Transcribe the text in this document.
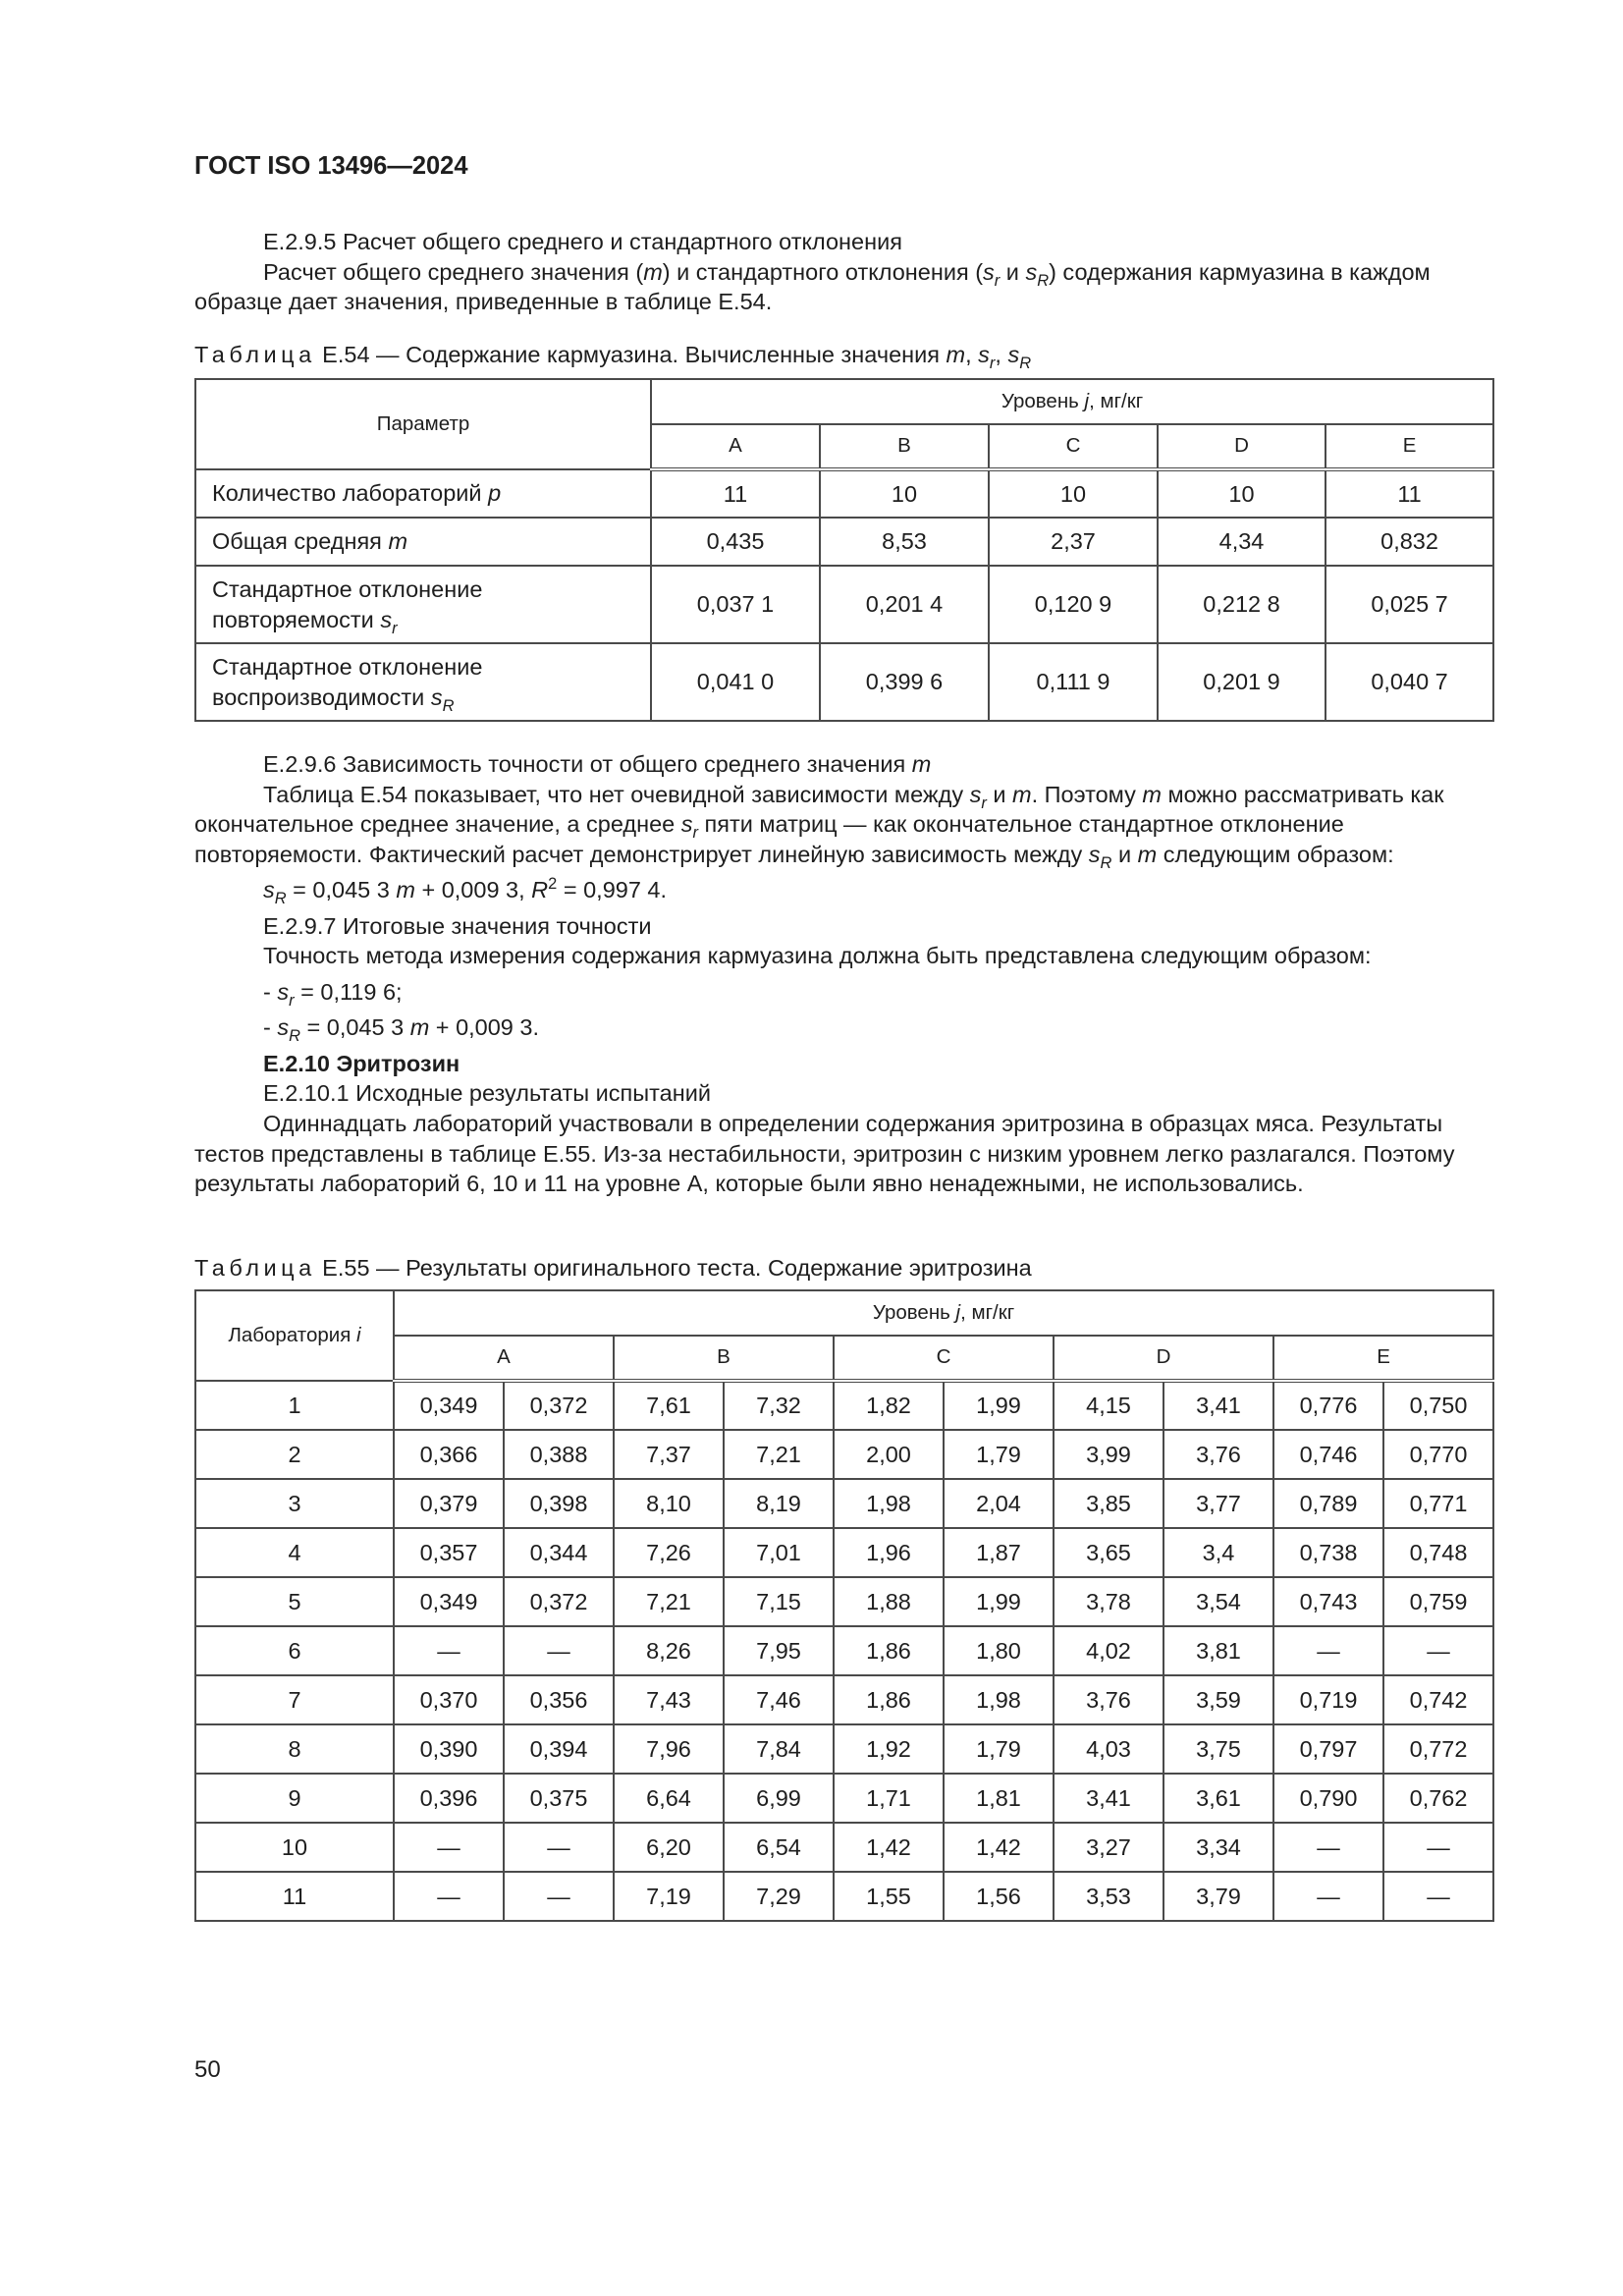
ГОСТ ISO 13496—2024
E.2.9.5 Расчет общего среднего и стандартного отклонения
Расчет общего среднего значения (m) и стандартного отклонения ($s_r$ и $s_R$) содержания кармуазина в каждом образце дает значения, приведенные в таблице E.54.
Таблица E.54 — Содержание кармуазина. Вычисленные значения m, $s_r$, $s_R$
Параметр	Уровень j, мг/кг				
	A	B	C	D	E
Количество лабораторий p	11	10	10	10	11
Общая средняя m	0,435	8,53	2,37	4,34	0,832

Стандартное отклонение
повторяемости $s_r$	0,037 1	0,201 4	0,120 9	0,212 8	0,025 7

Стандартное отклонение
воспроизводимости $s_R$	0,041 0	0,399 6	0,111 9	0,201 9	0,040 7
E.2.9.6 Зависимость точности от общего среднего значения m
Таблица E.54 показывает, что нет очевидной зависимости между $s_r$ и m. Поэтому m можно рассматривать как окончательное среднее значение, а среднее $s_r$ пяти матриц — как окончательное стандартное отклонение повторяемости. Фактический расчет демонстрирует линейную зависимость между $s_R$ и m следующим образом:
$s_R = 0,045$ 3 m + 0,009 3, $R^2 = 0,997$ 4.
E.2.9.7 Итоговые значения точности
Точность метода измерения содержания кармуазина должна быть представлена следующим образом:
- $s_r = 0,119$ 6;
- $s_R = 0,045$ 3 m + 0,009 3.
E.2.10 Эритрозин
E.2.10.1 Исходные результаты испытаний
Одиннадцать лабораторий участвовали в определении содержания эритрозина в образцах мяса. Результаты тестов представлены в таблице E.55. Из-за нестабильности, эритрозин с низким уровнем легко разлагался. Поэтому результаты лабораторий 6, 10 и 11 на уровне A, которые были явно ненадежными, не использовались.
Таблица E.55 — Результаты оригинального теста. Содержание эритрозина
Лаборатория i	Уровень j, мг/кг									
	A		B		C		D		E	
1	0,349	0,372	7,61	7,32	1,82	1,99	4,15	3,41	0,776	0,750
2	0,366	0,388	7,37	7,21	2,00	1,79	3,99	3,76	0,746	0,770
3	0,379	0,398	8,10	8,19	1,98	2,04	3,85	3,77	0,789	0,771
4	0,357	0,344	7,26	7,01	1,96	1,87	3,65	3,4	0,738	0,748
5	0,349	0,372	7,21	7,15	1,88	1,99	3,78	3,54	0,743	0,759
6	—	—	8,26	7,95	1,86	1,80	4,02	3,81	—	—
7	0,370	0,356	7,43	7,46	1,86	1,98	3,76	3,59	0,719	0,742
8	0,390	0,394	7,96	7,84	1,92	1,79	4,03	3,75	0,797	0,772
9	0,396	0,375	6,64	6,99	1,71	1,81	3,41	3,61	0,790	0,762
10	—	—	6,20	6,54	1,42	1,42	3,27	3,34	—	—
11	—	—	7,19	7,29	1,55	1,56	3,53	3,79	—	—
50
